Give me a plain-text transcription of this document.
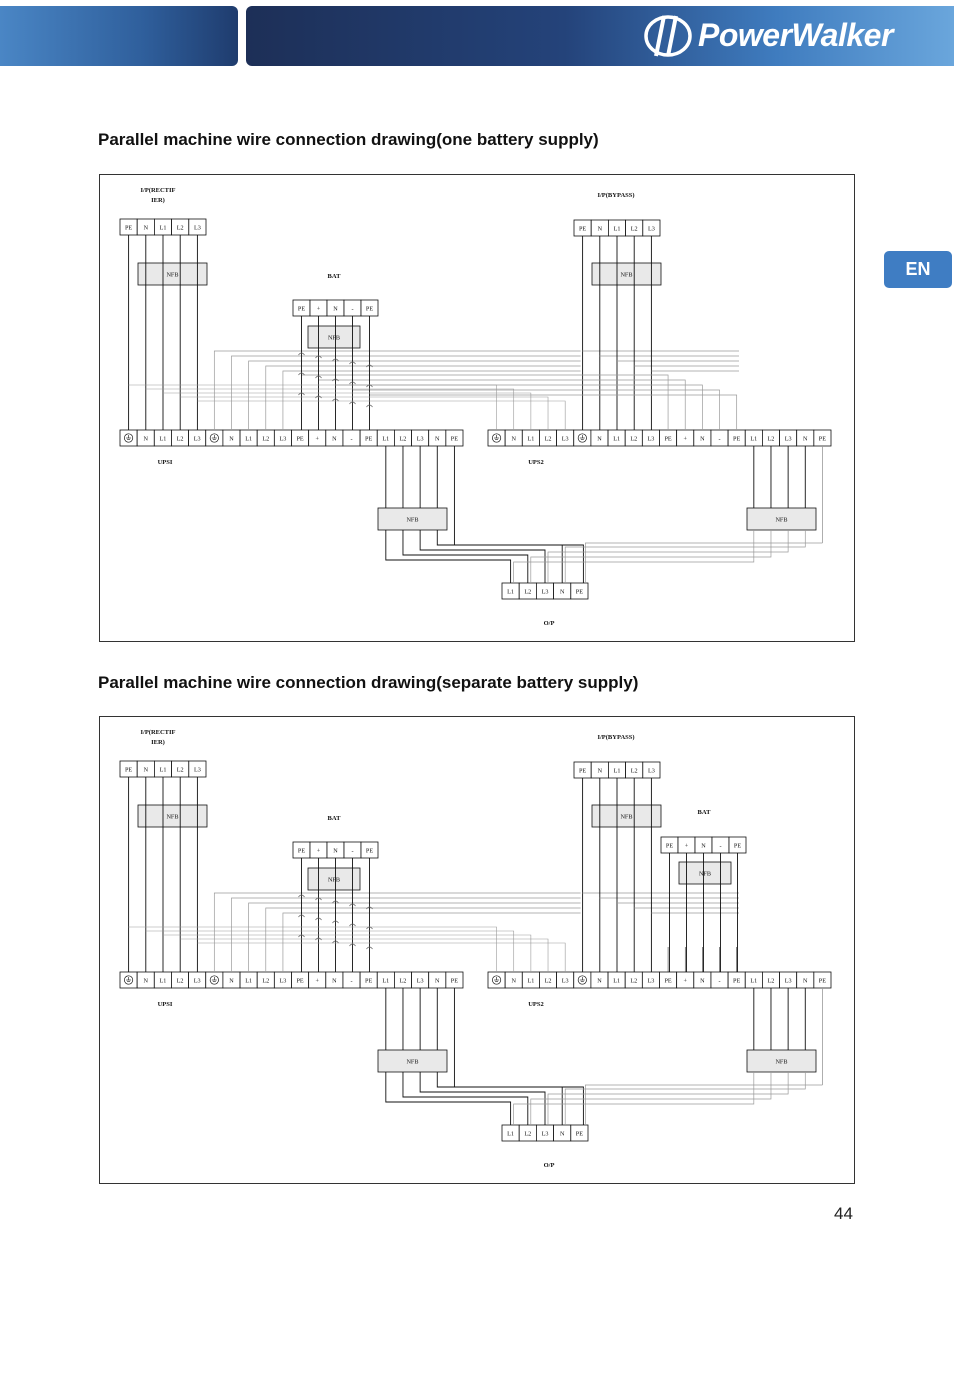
PowerWalker
EN
Parallel machine wire connection drawing(one battery supply)
I/P(RECTIF
IER)
I/P(BYPASS)
BAT
PE N L1 L2 L3	PE N L1 L2 L3
PE + N - PE
NFB	NFB
NFB
N L1 L2 L3	N L1 L2 L3 PE + N - PE L1 L2 L3 N PE	N L1 L2 L3	N L1 L2 L3 PE + N - PE L1 L2 L3 N PE
UPSI	UPS2
NFB	NFB
L1 L2 L3 N PE
O/P
Parallel machine wire connection drawing(separate battery supply)
I/P(RECTIF
IER)
I/P(BYPASS)
BAT
BAT
PE N L1 L2 L3	PE N L1 L2 L3
PE + N - PE
PE + N - PE
NFB	NFB
NFB
NFB
N L1 L2 L3	N L1 L2 L3 PE + N - PE L1 L2 L3 N PE	N L1 L2 L3	N L1 L2 L3 PE + N - PE L1 L2 L3 N PE
UPSI	UPS2
NFB	NFB
L1 L2 L3 N PE
O/P
44
